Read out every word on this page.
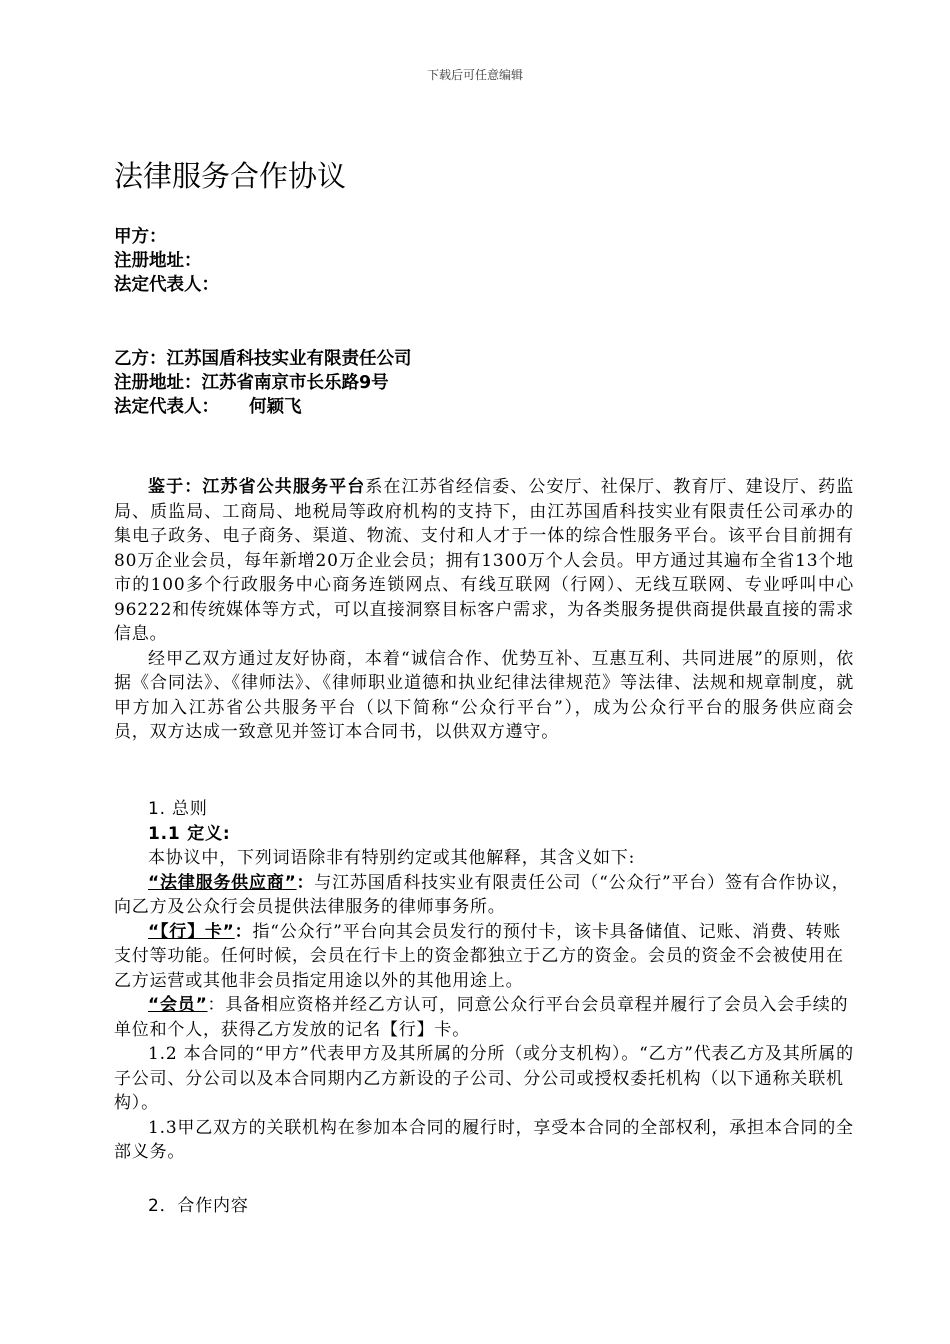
下载后可任意编辑
法律服务合作协议
甲方：
注册地址：
法定代表人：
乙方：江苏国盾科技实业有限责任公司
注册地址：江苏省南京市长乐路9号
法定代表人： 何颖飞

鉴于：江苏省公共服务平台系在江苏省经信委、公安厅、社保厅、教育厅、建设厅、药监局、质监局、工商局、地税局等政府机构的支持下，由江苏国盾科技实业有限责任公司承办的集电子政务、电子商务、渠道、物流、支付和人才于一体的综合性服务平台。该平台目前拥有80万企业会员，每年新增20万企业会员；拥有1300万个人会员。甲方通过其遍布全省13个地市的100多个行政服务中心商务连锁网点、有线互联网（行网）、无线互联网、专业呼叫中心96222和传统媒体等方式，可以直接洞察目标客户需求，为各类服务提供商提供最直接的需求信息。

经甲乙双方通过友好协商，本着“诚信合作、优势互补、互惠互利、共同进展”的原则，依据《合同法》、《律师法》、《律师职业道德和执业纪律法律规范》等法律、法规和规章制度，就甲方加入江苏省公共服务平台（以下简称“公众行平台”），成为公众行平台的服务供应商会员，双方达成一致意见并签订本合同书，以供双方遵守。

1. 总则

1.1 定义:

本协议中，下列词语除非有特别约定或其他解释，其含义如下:

“法律服务供应商”：与江苏国盾科技实业有限责任公司（“公众行”平台）签有合作协议，向乙方及公众行会员提供法律服务的律师事务所。

“【行】卡”：指“公众行”平台向其会员发行的预付卡，该卡具备储值、记账、消费、转账支付等功能。任何时候，会员在行卡上的资金都独立于乙方的资金。会员的资金不会被使用在乙方运营或其他非会员指定用途以外的其他用途上。

“会员”：具备相应资格并经乙方认可，同意公众行平台会员章程并履行了会员入会手续的单位和个人，获得乙方发放的记名【行】卡。

1.2 本合同的“甲方”代表甲方及其所属的分所（或分支机构）。“乙方”代表乙方及其所属的子公司、分公司以及本合同期内乙方新设的子公司、分公司或授权委托机构（以下通称关联机构）。

1.3甲乙双方的关联机构在参加本合同的履行时，享受本合同的全部权利，承担本合同的全部义务。

2．合作内容
